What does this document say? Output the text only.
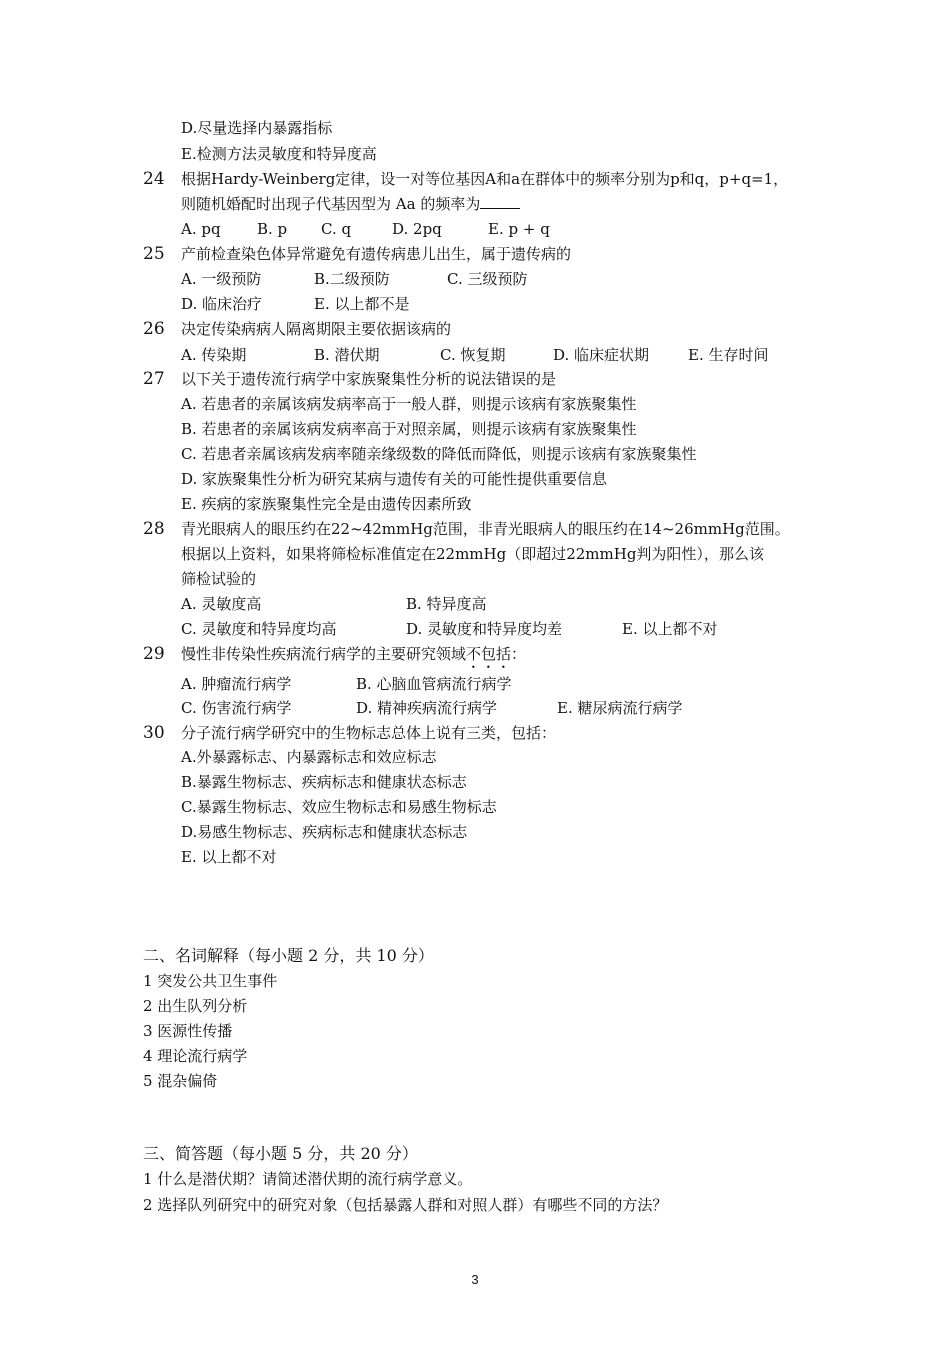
D.尽量选择内暴露指标
E.检测方法灵敏度和特异度高
24	根据Hardy-Weinberg定律，设一对等位基因A和a在群体中的频率分别为p和q，p+q=1，
则随机婚配时出现子代基因型为 Aa 的频率为
A. pq B. p C. q	D. 2pq	E. p + q
25	产前检查染色体异常避免有遗传病患儿出生，属于遗传病的
A. 一级预防	B.二级预防	C. 三级预防
D. 临床治疗	E. 以上都不是
26	决定传染病病人隔离期限主要依据该病的
A. 传染期	B. 潜伏期	C. 恢复期	D. 临床症状期	E. 生存时间
27	以下关于遗传流行病学中家族聚集性分析的说法错误的是
A. 若患者的亲属该病发病率高于一般人群，则提示该病有家族聚集性
B. 若患者的亲属该病发病率高于对照亲属，则提示该病有家族聚集性
C. 若患者亲属该病发病率随亲缘级数的降低而降低，则提示该病有家族聚集性
D. 家族聚集性分析为研究某病与遗传有关的可能性提供重要信息
E. 疾病的家族聚集性完全是由遗传因素所致
28	青光眼病人的眼压约在22~42mmHg范围，非青光眼病人的眼压约在14~26mmHg范围。
根据以上资料，如果将筛检标准值定在22mmHg（即超过22mmHg判为阳性），那么该
筛检试验的
A. 灵敏度高	B. 特异度高
C. 灵敏度和特异度均高	D. 灵敏度和特异度均差	E. 以上都不对
29	慢性非传染性疾病流行病学的主要研究领域不包括：
A. 肿瘤流行病学	B. 心脑血管病流行病学
C. 伤害流行病学	D. 精神疾病流行病学	E. 糖尿病流行病学
30	分子流行病学研究中的生物标志总体上说有三类，包括：
A.外暴露标志、内暴露标志和效应标志
B.暴露生物标志、疾病标志和健康状态标志
C.暴露生物标志、效应生物标志和易感生物标志
D.易感生物标志、疾病标志和健康状态标志
E. 以上都不对
二、名词解释（每小题 2 分，共 10 分）
1 突发公共卫生事件
2 出生队列分析
3 医源性传播
4 理论流行病学
5 混杂偏倚
三、简答题（每小题 5 分，共 20 分）
1 什么是潜伏期？请简述潜伏期的流行病学意义。
2 选择队列研究中的研究对象（包括暴露人群和对照人群）有哪些不同的方法？
3
